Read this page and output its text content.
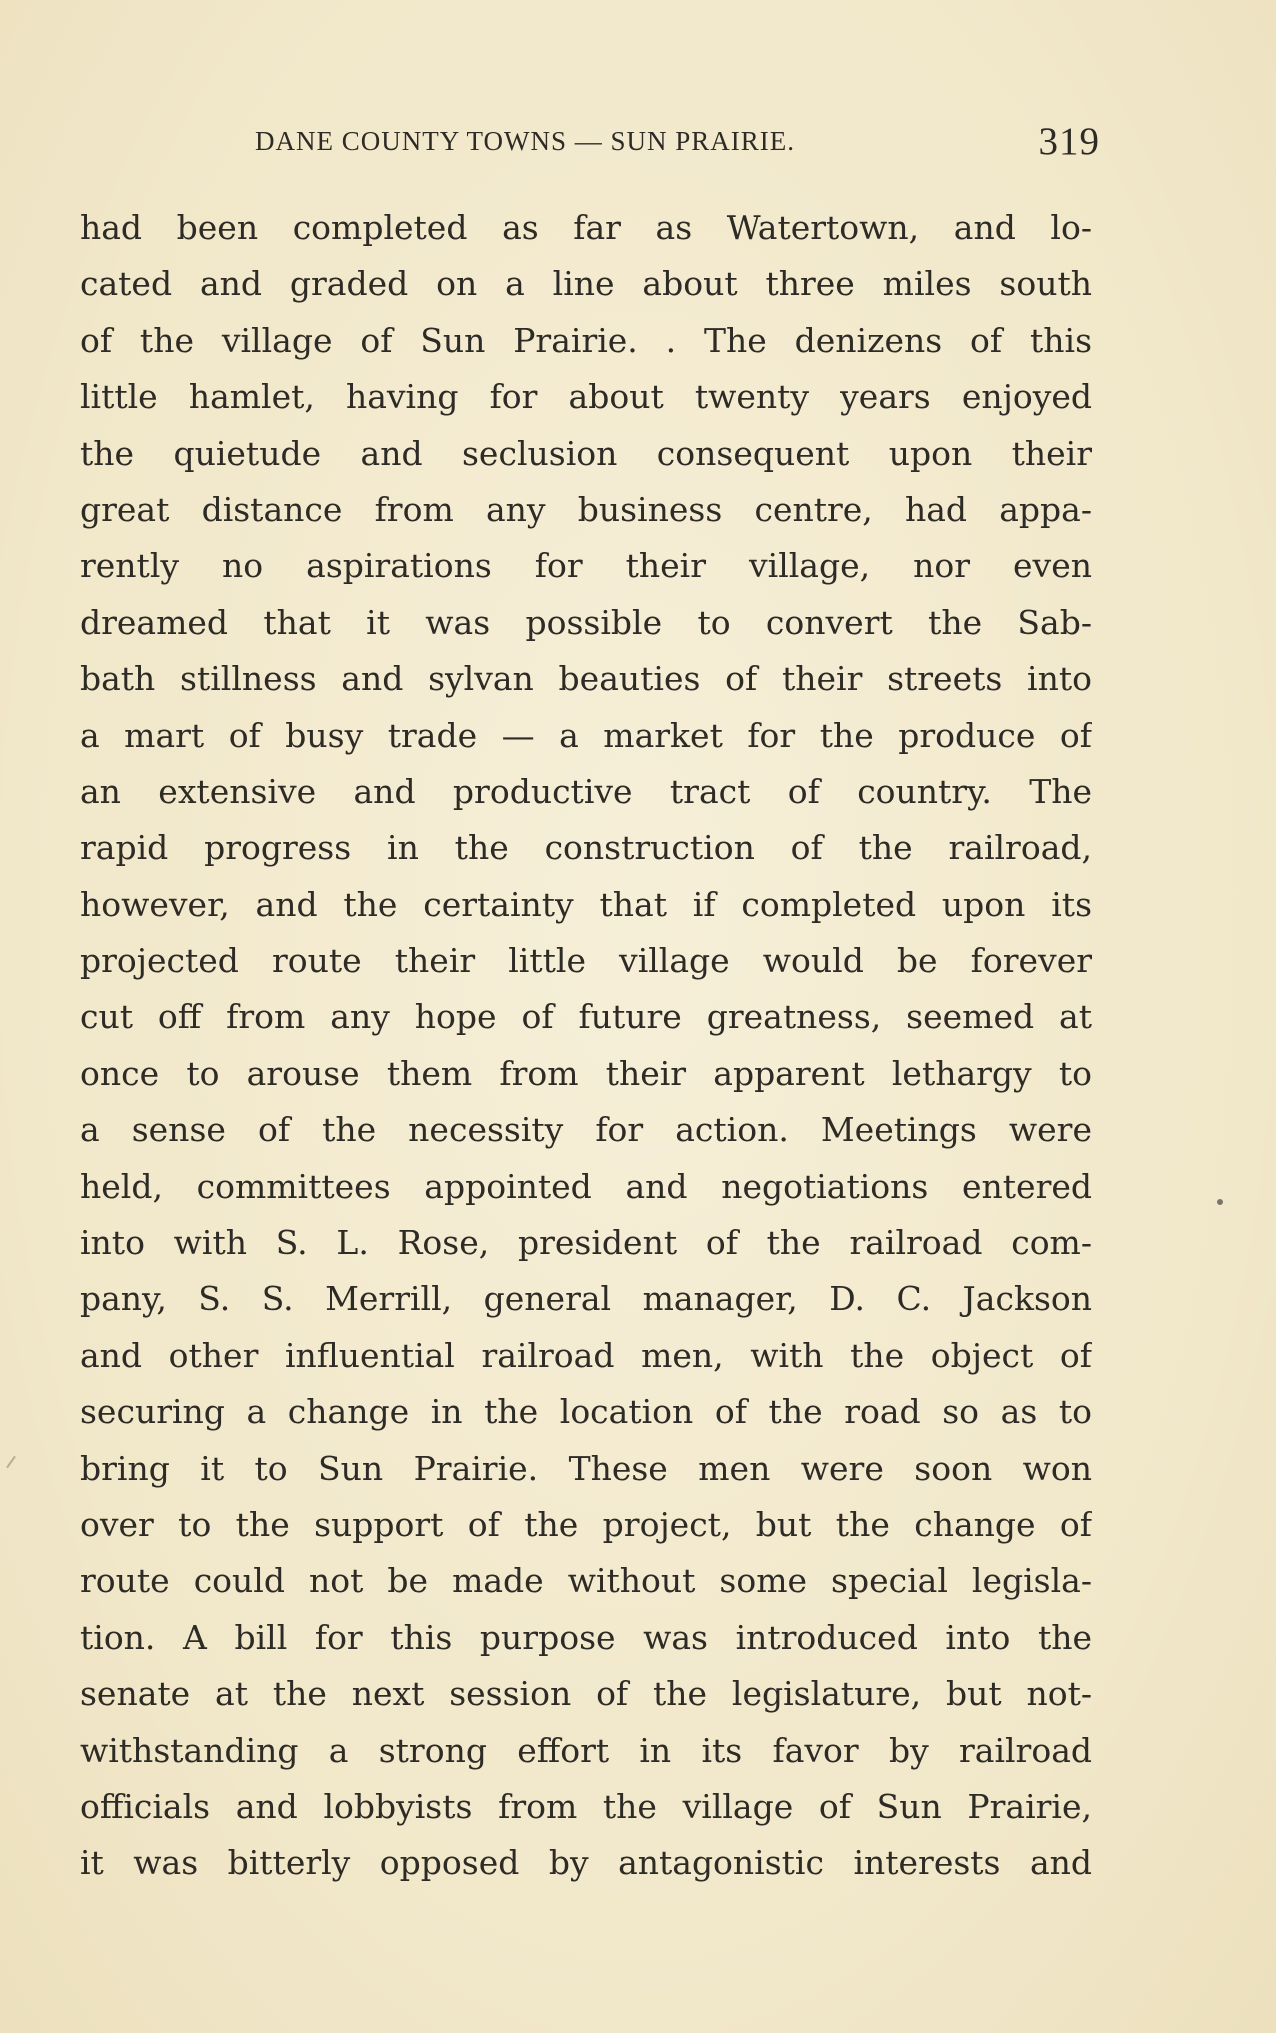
DANE COUNTY TOWNS — SUN PRAIRIE.	319
had been completed as far as Watertown, and lo-
cated and graded on a line about three miles south
of the village of Sun Prairie. . The denizens of this
little hamlet, having for about twenty years enjoyed
the quietude and seclusion consequent upon their
great distance from any business centre, had appa-
rently no aspirations for their village, nor even
dreamed that it was possible to convert the Sab-
bath stillness and sylvan beauties of their streets into
a mart of busy trade — a market for the produce of
an extensive and productive tract of country. The
rapid progress in the construction of the railroad,
however, and the certainty that if completed upon its
projected route their little village would be forever
cut off from any hope of future greatness, seemed at
once to arouse them from their apparent lethargy to
a sense of the necessity for action. Meetings were
held, committees appointed and negotiations entered
into with S. L. Rose, president of the railroad com-
pany, S. S. Merrill, general manager, D. C. Jackson
and other influential railroad men, with the object of
securing a change in the location of the road so as to
bring it to Sun Prairie. These men were soon won
over to the support of the project, but the change of
route could not be made without some special legisla-
tion. A bill for this purpose was introduced into the
senate at the next session of the legislature, but not-
withstanding a strong effort in its favor by railroad
officials and lobbyists from the village of Sun Prairie,
it was bitterly opposed by antagonistic interests and
